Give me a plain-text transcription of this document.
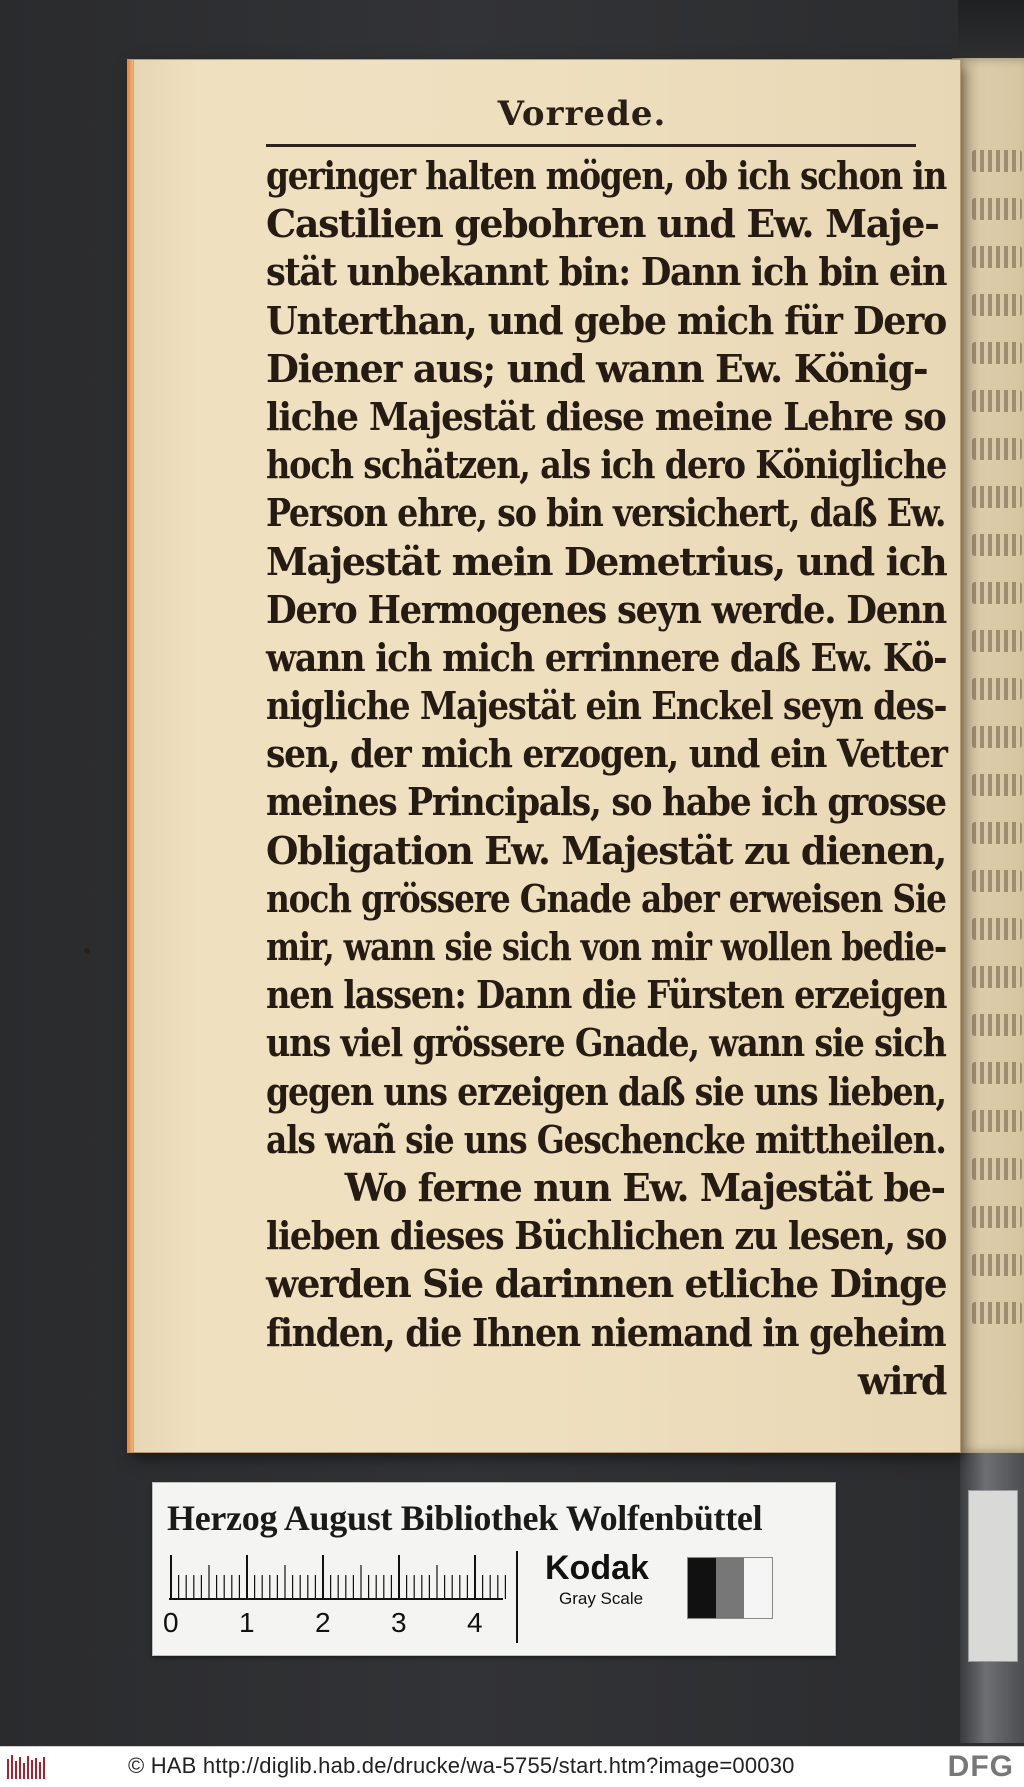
Vorrede.
geringer halten mögen, ob ich schon in
Castilien gebohren und Ew. Maje-
stät unbekannt bin: Dann ich bin ein
Unterthan, und gebe mich für Dero
Diener aus; und wann Ew. König-
liche Majestät diese meine Lehre so
hoch schätzen, als ich dero Königliche
Person ehre, so bin versichert, daß Ew.
Majestät mein Demetrius, und ich
Dero Hermogenes seyn werde. Denn
wann ich mich errinnere daß Ew. Kö-
nigliche Majestät ein Enckel seyn des-
sen, der mich erzogen, und ein Vetter
meines Principals, so habe ich grosse
Obligation Ew. Majestät zu dienen,
noch grössere Gnade aber erweisen Sie
mir, wann sie sich von mir wollen bedie-
nen lassen: Dann die Fürsten erzeigen
uns viel grössere Gnade, wann sie sich
gegen uns erzeigen daß sie uns lieben,
als wañ sie uns Geschencke mittheilen.
Wo ferne nun Ew. Majestät be-
lieben dieses Büchlichen zu lesen, so
werden Sie darinnen etliche Dinge
finden, die Ihnen niemand in geheim
wird
Herzog August Bibliothek Wolfenbüttel
0 1 2 3 4
Kodak
Gray Scale
© HAB http://diglib.hab.de/drucke/wa-5755/start.htm?image=00030	DFG
